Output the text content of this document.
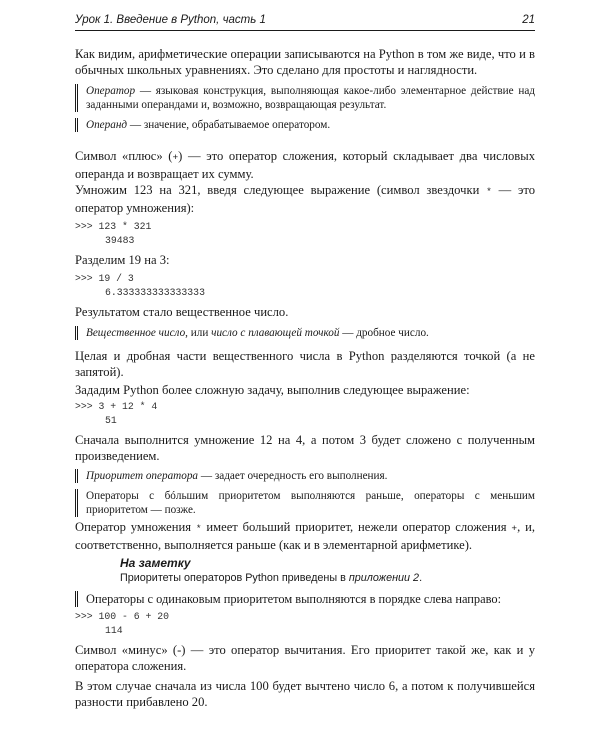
Урок 1. Введение в Python, часть 1	21

Как видим, арифметические операции записываются на Python в том же виде, что и в обычных школьных уравнениях. Это сделано для простоты и наглядности.

Оператор — языковая конструкция, выполняющая какое-либо элементарное действие над заданными операндами и, возможно, возвращающая результат.

Операнд — значение, обрабатываемое оператором.

Символ «плюс» (+) — это оператор сложения, который складывает два числовых операнда и возвращает их сумму.

Умножим 123 на 321, введя следующее выражение (символ звездочки * — это оператор умножения):

>>> 123 * 321
39483

Разделим 19 на 3:

>>> 19 / 3
6.333333333333333

Результатом стало вещественное число.

Вещественное число, или число с плавающей точкой — дробное число.

Целая и дробная части вещественного числа в Python разделяются точкой (а не запятой).

Зададим Python более сложную задачу, выполнив следующее выражение:

>>> 3 + 12 * 4
51

Сначала выполнится умножение 12 на 4, а потом 3 будет сложено с полученным произведением.

Приоритет оператора — задает очередность его выполнения.

Операторы с бóльшим приоритетом выполняются раньше, операторы с меньшим приоритетом — позже.

Оператор умножения * имеет больший приоритет, нежели оператор сложения +, и, соответственно, выполняется раньше (как и в элементарной арифметике).

На заметку

Приоритеты операторов Python приведены в приложении 2.

Операторы с одинаковым приоритетом выполняются в порядке слева направо:

>>> 100 - 6 + 20
114

Символ «минус» (-) — это оператор вычитания. Его приоритет такой же, как и у оператора сложения.

В этом случае сначала из числа 100 будет вычтено число 6, а потом к получившейся разности прибавлено 20.
